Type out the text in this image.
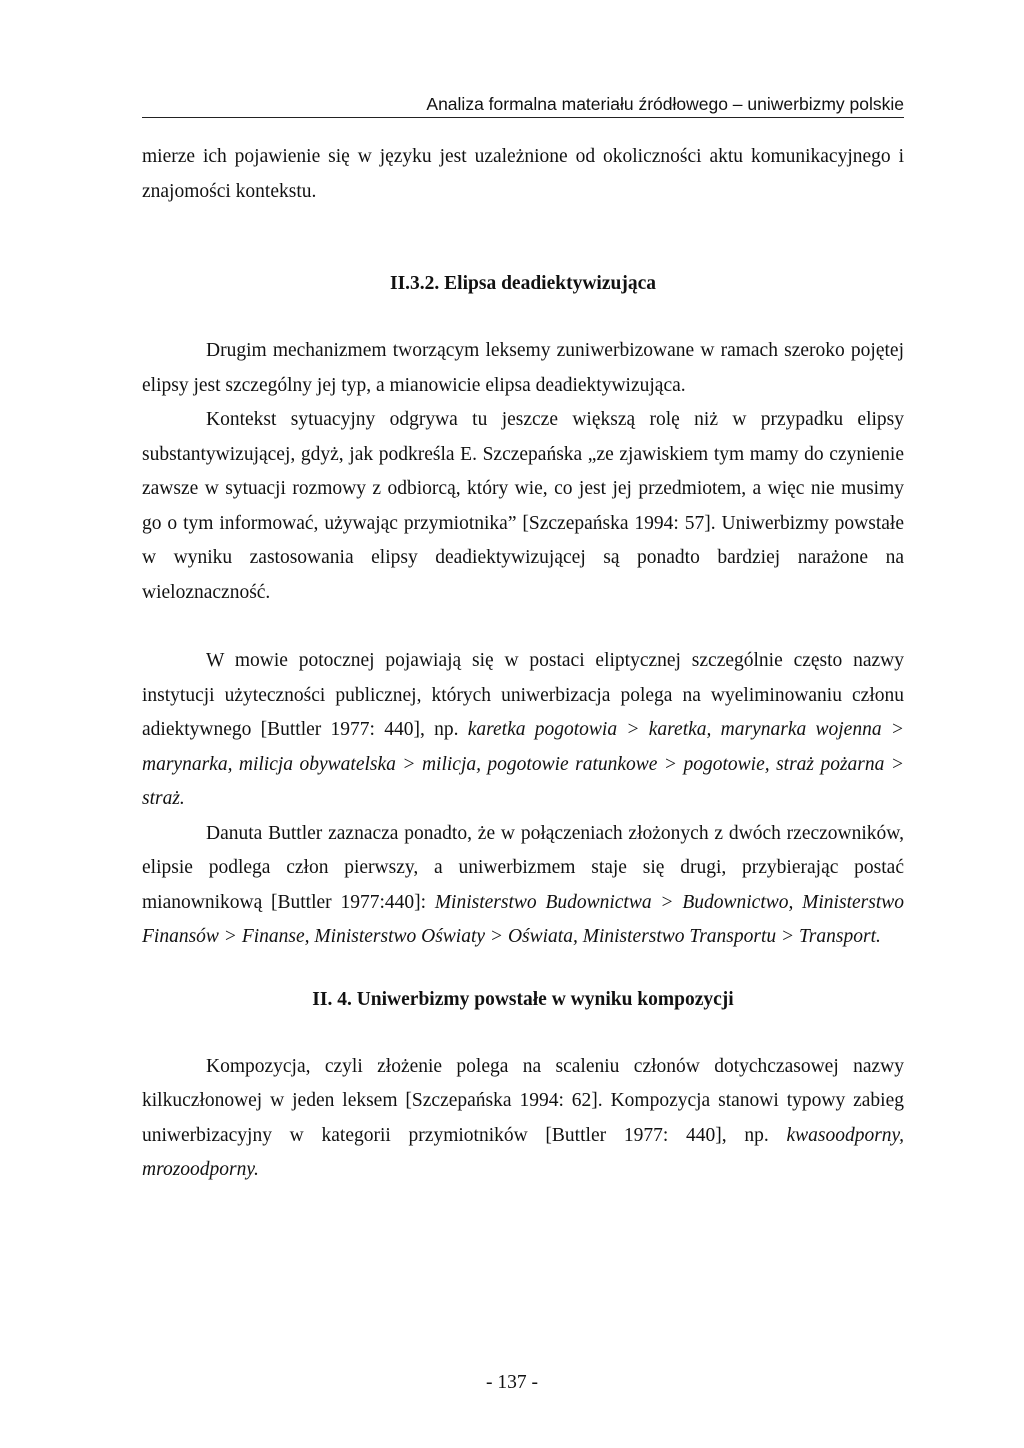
Analiza formalna materiału źródłowego – uniwerbizmy polskie

mierze ich pojawienie się w języku jest uzależnione od okoliczności aktu komunikacyjnego i znajomości kontekstu.

II.3.2. Elipsa deadiektywizująca

Drugim mechanizmem tworzącym leksemy zuniwerbizowane w ramach szeroko pojętej elipsy jest szczególny jej typ, a mianowicie elipsa deadiektywizująca.

Kontekst sytuacyjny odgrywa tu jeszcze większą rolę niż w przypadku elipsy substantywizującej, gdyż, jak podkreśla E. Szczepańska „ze zjawiskiem tym mamy do czynienie zawsze w sytuacji rozmowy z odbiorcą, który wie, co jest jej przedmiotem, a więc nie musimy go o tym informować, używając przymiotnika” [Szczepańska 1994: 57]. Uniwerbizmy powstałe w wyniku zastosowania elipsy deadiektywizującej są ponadto bardziej narażone na wieloznaczność.

W mowie potocznej pojawiają się w postaci eliptycznej szczególnie często nazwy instytucji użyteczności publicznej, których uniwerbizacja polega na wyeliminowaniu członu adiektywnego [Buttler 1977: 440], np. karetka pogotowia > karetka, marynarka wojenna > marynarka, milicja obywatelska > milicja, pogotowie ratunkowe > pogotowie, straż pożarna > straż.

Danuta Buttler zaznacza ponadto, że w połączeniach złożonych z dwóch rzeczowników, elipsie podlega człon pierwszy, a uniwerbizmem staje się drugi, przybierając postać mianownikową [Buttler 1977:440]: Ministerstwo Budownictwa > Budownictwo, Ministerstwo Finansów > Finanse, Ministerstwo Oświaty > Oświata, Ministerstwo Transportu > Transport.

II. 4. Uniwerbizmy powstałe w wyniku kompozycji

Kompozycja, czyli złożenie polega na scaleniu członów dotychczasowej nazwy kilkuczłonowej w jeden leksem [Szczepańska 1994: 62]. Kompozycja stanowi typowy zabieg uniwerbizacyjny w kategorii przymiotników [Buttler 1977: 440], np. kwasoodporny, mrozoodporny.

- 137 -
